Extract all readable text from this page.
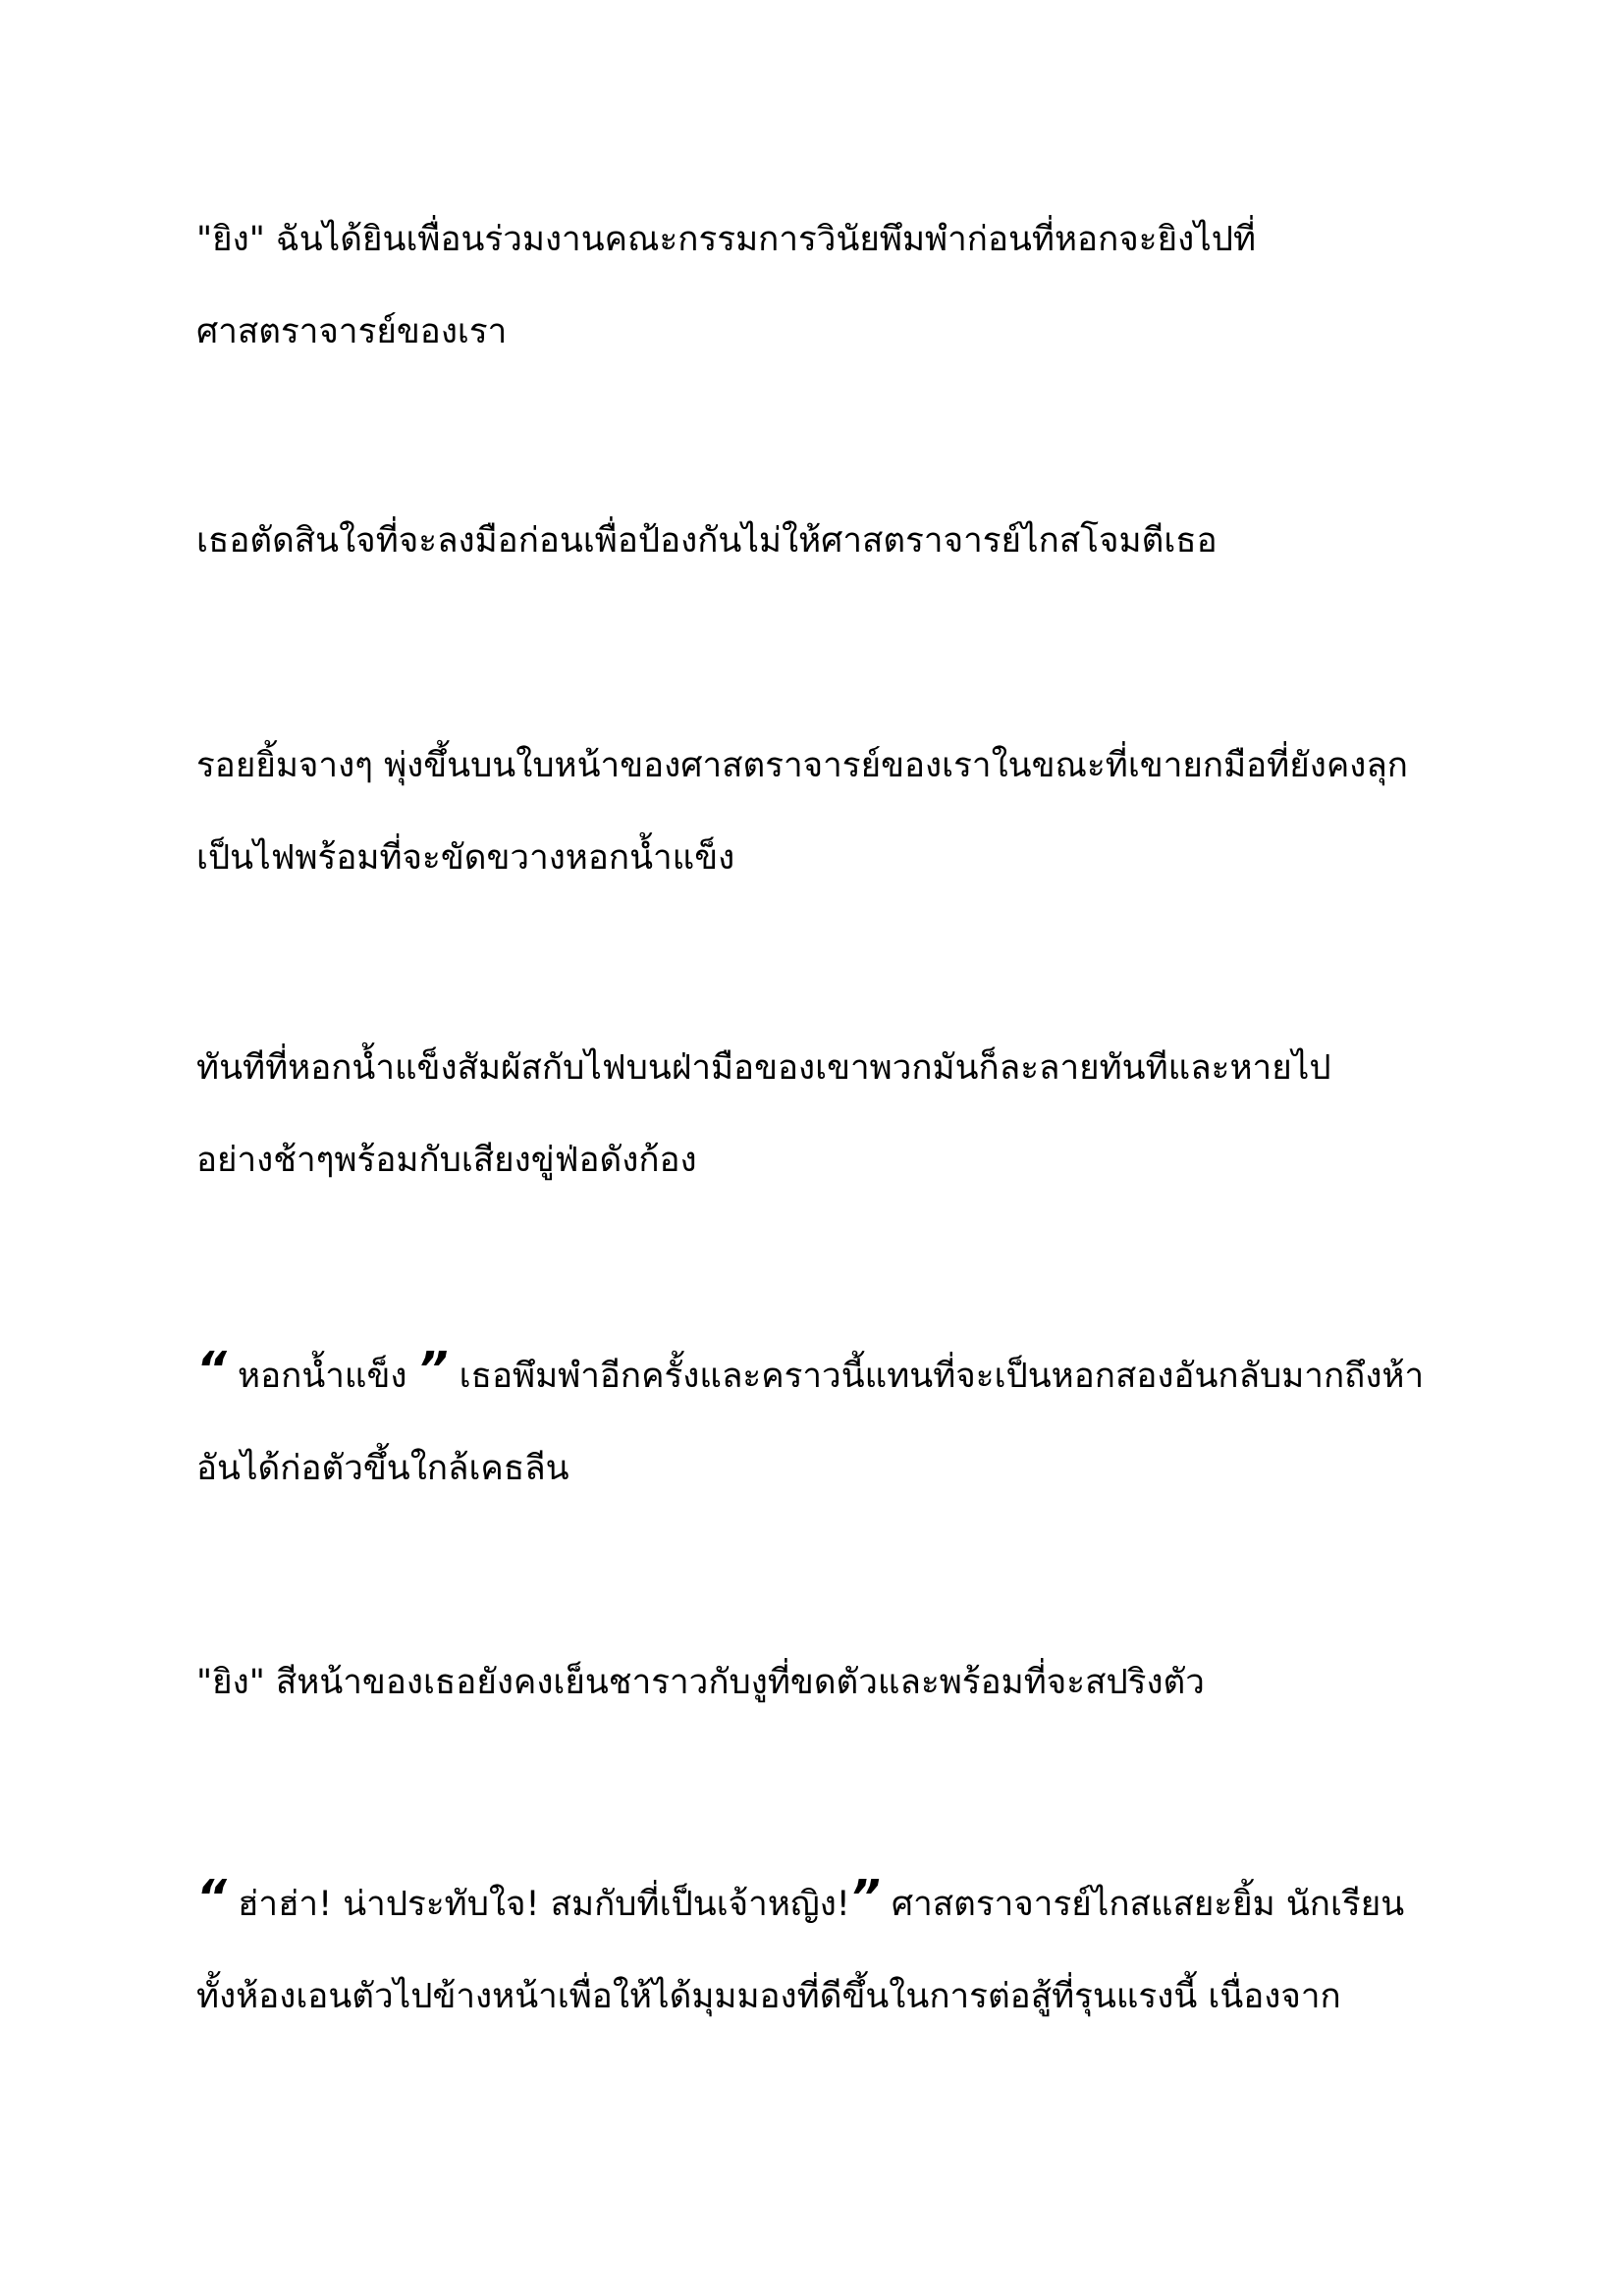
"ยิง" ฉันได้ยินเพื่อนร่วมงานคณะกรรมการวินัยพึมพำก่อนที่หอกจะยิงไปที่
ศาสตราจารย์ของเรา
เธอตัดสินใจที่จะลงมือก่อนเพื่อป้องกันไม่ให้ศาสตราจารย์ไกสโจมตีเธอ
รอยยิ้มจางๆ พุ่งขึ้นบนใบหน้าของศาสตราจารย์ของเราในขณะที่เขายกมือที่ยังคงลุก
เป็นไฟพร้อมที่จะขัดขวางหอกน้ำแข็ง
ทันทีที่หอกน้ำแข็งสัมผัสกับไฟบนฝ่ามือของเขาพวกมันก็ละลายทันทีและหายไป
อย่างช้าๆพร้อมกับเสียงขู่ฟ่อดังก้อง
“ หอกน้ำแข็ง ” เธอพึมพำอีกครั้งและคราวนี้แทนที่จะเป็นหอกสองอันกลับมากถึงห้า
อันได้ก่อตัวขึ้นใกล้เคธลีน
"ยิง" สีหน้าของเธอยังคงเย็นชาราวกับงูที่ขดตัวและพร้อมที่จะสปริงตัว
“ ฮ่าฮ่า! น่าประทับใจ! สมกับที่เป็นเจ้าหญิง!” ศาสตราจารย์ไกสแสยะยิ้ม นักเรียน
ทั้งห้องเอนตัวไปข้างหน้าเพื่อให้ได้มุมมองที่ดีขึ้นในการต่อสู้ที่รุนแรงนี้ เนื่องจาก
